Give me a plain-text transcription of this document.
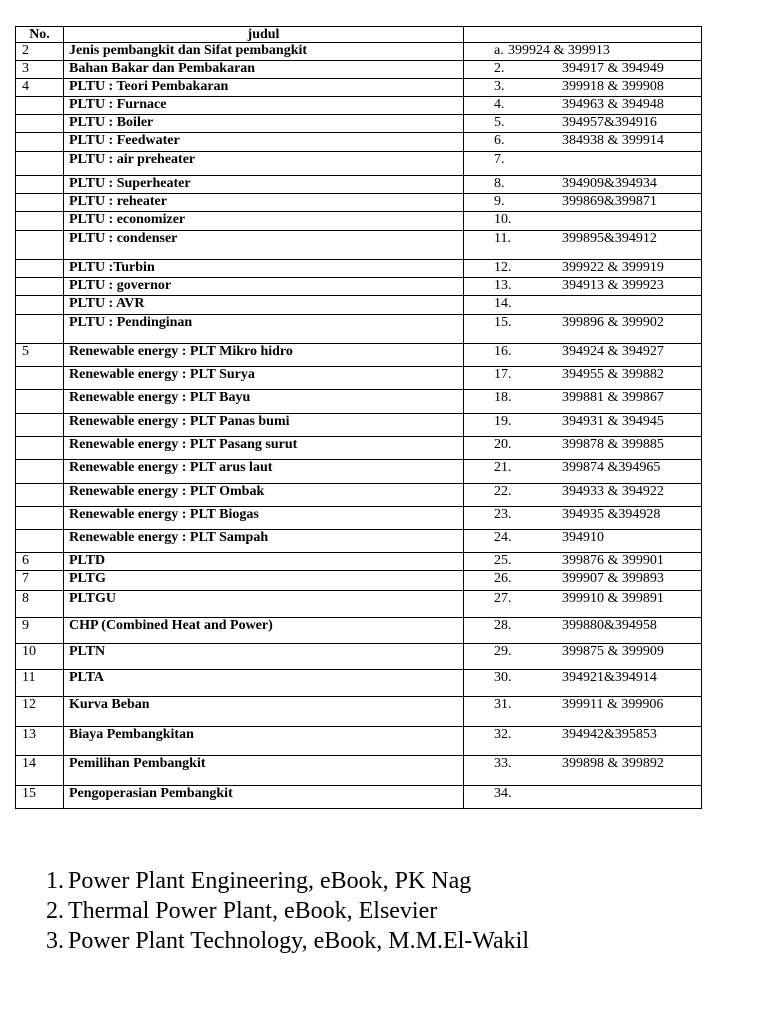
No.	judul	
2	Jenis pembangkit dan Sifat pembangkit	a. 399924 & 399913

3	Bahan Bakar dan Pembakaran	2. 394917 & 394949

4	PLTU : Teori Pembakaran	3. 399918 & 399908

	PLTU : Furnace	4. 394963 & 394948

	PLTU : Boiler	5. 394957&394916

	PLTU : Feedwater	6. 384938 & 399914

	PLTU : air preheater	7.

	PLTU : Superheater	8. 394909&394934

	PLTU : reheater	9. 399869&399871

	PLTU : economizer	10.

	PLTU : condenser	11. 399895&394912

	PLTU :Turbin	12. 399922 & 399919

	PLTU : governor	13. 394913 & 399923

	PLTU : AVR	14.

	PLTU : Pendinginan	15. 399896 & 399902

5	Renewable energy : PLT Mikro hidro	16. 394924 & 394927

	Renewable energy : PLT Surya	17. 394955 & 399882

	Renewable energy : PLT Bayu	18. 399881 & 399867

	Renewable energy : PLT Panas bumi	19. 394931 & 394945

	Renewable energy : PLT Pasang surut	20. 399878 & 399885

	Renewable energy : PLT arus laut	21. 399874 &394965

	Renewable energy : PLT Ombak	22. 394933 & 394922

	Renewable energy : PLT Biogas	23. 394935 &394928

	Renewable energy : PLT Sampah	24. 394910

6	PLTD	25. 399876 & 399901

7	PLTG	26. 399907 & 399893

8	PLTGU	27. 399910 & 399891

9	CHP (Combined Heat and Power)	28. 399880&394958

10	PLTN	29. 399875 & 399909

11	PLTA	30. 394921&394914

12	Kurva Beban	31. 399911 & 399906

13	Biaya Pembangkitan	32. 394942&395853

14	Pemilihan Pembangkit	33. 399898 & 399892

15	Pengoperasian Pembangkit	34.
1. Power Plant Engineering, eBook, PK Nag
2. Thermal Power Plant, eBook, Elsevier
3. Power Plant Technology, eBook, M.M.El-Wakil
